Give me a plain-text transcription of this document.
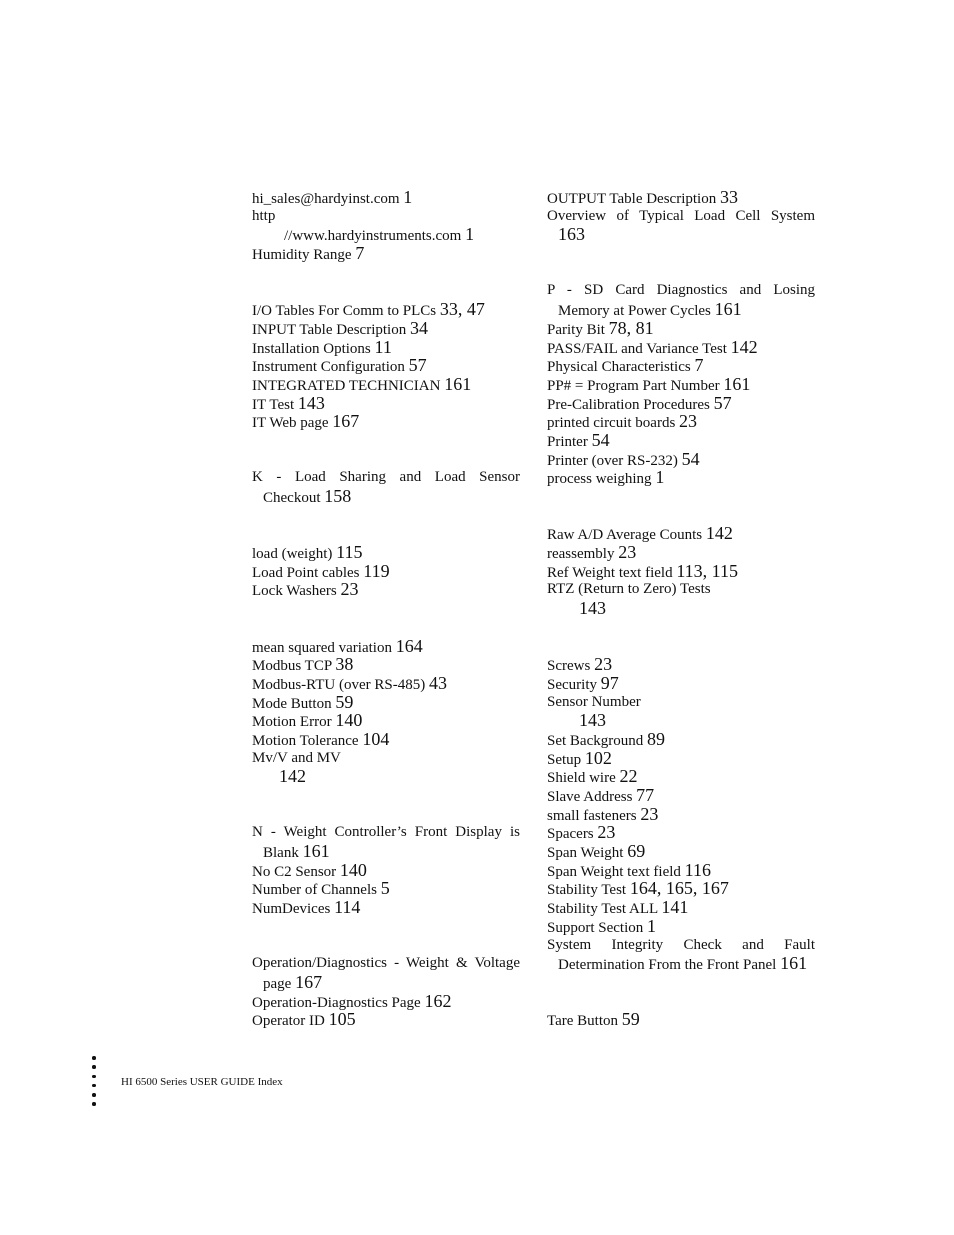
hi_sales@hardyinst.com 1
http
//www.hardyinstruments.com 1
Humidity Range 7
I/O Tables For Comm to PLCs 33, 47
INPUT Table Description 34
Installation Options 11
Instrument Configuration 57
INTEGRATED TECHNICIAN 161
IT Test 143
IT Web page 167
K - Load Sharing and Load Sensor
Checkout 158
load (weight) 115
Load Point cables 119
Lock Washers 23
mean squared variation 164
Modbus TCP 38
Modbus-RTU (over RS-485) 43
Mode Button 59
Motion Error 140
Motion Tolerance 104
Mv/V and MV
142
N - Weight Controller’s Front Display is
Blank 161
No C2 Sensor 140
Number of Channels 5
NumDevices 114
Operation/Diagnostics - Weight & Voltage
page 167
Operation-Diagnostics Page 162
Operator ID 105
OUTPUT Table Description 33
Overview of Typical Load Cell System
163
P - SD Card Diagnostics and Losing
Memory at Power Cycles 161
Parity Bit 78, 81
PASS/FAIL and Variance Test 142
Physical Characteristics 7
PP# = Program Part Number 161
Pre-Calibration Procedures 57
printed circuit boards 23
Printer 54
Printer (over RS-232) 54
process weighing 1
Raw A/D Average Counts 142
reassembly 23
Ref Weight text field 113, 115
RTZ (Return to Zero) Tests
143
Screws 23
Security 97
Sensor Number
143
Set Background 89
Setup 102
Shield wire 22
Slave Address 77
small fasteners 23
Spacers 23
Span Weight 69
Span Weight text field 116
Stability Test 164, 165, 167
Stability Test ALL 141
Support Section 1
System Integrity Check and Fault
Determination From the Front Panel 161
Tare Button 59
HI 6500 Series USER GUIDE Index
